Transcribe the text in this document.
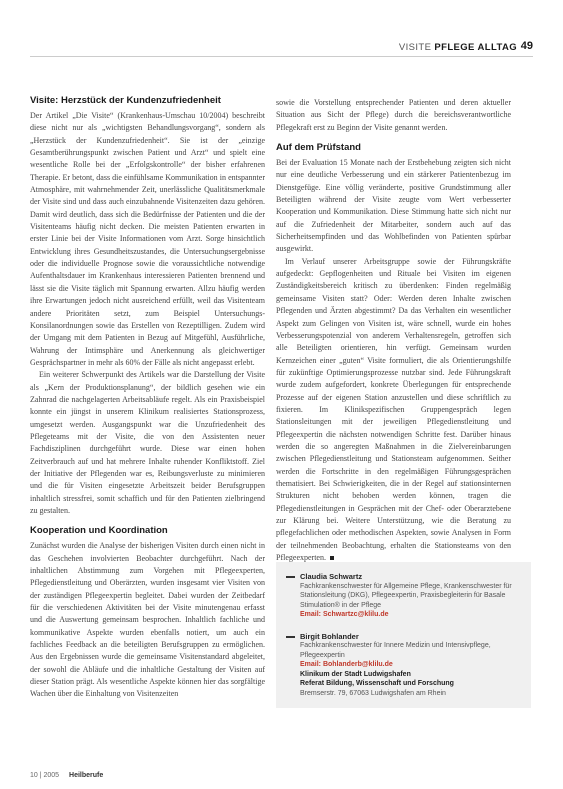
VISITE PFLEGE ALLTAG 49
Visite: Herzstück der Kundenzufriedenheit

Der Artikel „Die Visite“ (Krankenhaus-Umschau 10/2004) beschreibt diese nicht nur als „wichtigsten Behandlungsvorgang“, sondern als „Herzstück der Kundenzufriedenheit“. Sie ist der „einzige Gesamtberührungspunkt zwischen Patient und Arzt“ und spielt eine wesentliche Rolle bei der „Erfolgskontrolle“ der bisher erfahrenen Therapie. Er betont, dass die einfühlsame Kommunikation in entspannter Atmosphäre, mit wahrnehmender Zeit, unerlässliche Qualitätsmerkmale der Visite sind und dass auch einzubahnende Visitenzeiten dazu gehören. Damit wird deutlich, dass sich die Bedürfnisse der Patienten und die der Visitenteams häufig nicht decken. Die meisten Patienten erwarten in erster Linie bei der Visite Informationen vom Arzt. Sorge hinsichtlich Entwicklung ihres Gesundheitszustandes, die Untersuchungsergebnisse oder die individuelle Prognose sowie die voraussichtliche notwendige Aufenthaltsdauer im Krankenhaus interessieren Patienten brennend und lässt sie die Visite täglich mit Spannung erwarten. Allzu häufig werden ihre Erwartungen jedoch nicht ausreichend erfüllt, weil das Visitenteam andere Prioritäten setzt, zum Beispiel Untersuchungs- Konsilanordnungen sowie das Erstellen von Rezeptilligen. Zudem wird der Umgang mit dem Patienten in Bezug auf Mitgefühl, Ausführliche, Wahrung der Intimsphäre und Anerkennung als gleichwertiger Gesprächspartner in mehr als 60% der Fälle als nicht angepasst erlebt.

Ein weiterer Schwerpunkt des Artikels war die Darstellung der Visite als „Kern der Produktionsplanung“, der bildlich gesehen wie ein Zahnrad die nachgelagerten Arbeitsabläufe regelt. Als ein Praxisbeispiel konnte ein jüngst in unserem Klinikum realisiertes Stationsprozess, umgesetzt werden. Ausgangspunkt war die Unzufriedenheit des Pflegeteams mit der Visite, die von den Assistenten neuer Fachdisziplinen durchgeführt wurde. Diese war einen hohen Zeitverbrauch auf und hat mehrere Inhalte ruhender Konfliktstoff. Ziel der Initiative der Pflegenden war es, Reibungsverluste zu minimieren und die für Visiten eingesetzte Arbeitszeit beider Berufsgruppen inhaltlich stressfrei, somit schaffich und für den Patienten zielbringend zu gestalten.

Kooperation und Koordination

Zunächst wurden die Analyse der bisherigen Visiten durch einen nicht in das Geschehen involvierten Beobachter durchgeführt. Nach der inhaltlichen Abstimmung zum Vorgehen mit Pflegeexperten, Pflegedienstleitung und Oberärzten, wurden insgesamt vier Visiten von der zuständigen Pflegeexpertin begleitet. Dabei wurden der Zeitbedarf für die verschiedenen Aktivitäten bei der Visite minutengenau erfasst und die Auswertung gemeinsam besprochen. Inhaltlich fachliche und kommunikative Aspekte wurden ebenfalls notiert, um auch ein fachliches Feedback an die beteiligten Berufsgruppen zu ermöglichen. Aus den Ergebnissen wurde die gemeinsame Visitenstandard abgeleitet, der sowohl die Abläufe und die inhaltliche Gestaltung der Visiten auf dieser Station prägt. Als wesentliche Aspekte können hier das sorgfältige Wachen über die Einhaltung von Visitenzeiten

sowie die Vorstellung entsprechender Patienten und deren aktueller Situation aus Sicht der Pflege) durch die bereichsverantwortliche Pflegekraft erst zu Beginn der Visite genannt werden.

Auf dem Prüfstand

Bei der Evaluation 15 Monate nach der Erstbehebung zeigten sich nicht nur eine deutliche Verbesserung und ein stärkerer Patientenbezug im Dienstgefüge. Eine völlig veränderte, positive Grundstimmung aller Beteiligten während der Visite zeugte vom Wert verbesserter Kooperation und Kommunikation. Diese Stimmung hatte sich nicht nur auf die Zufriedenheit der Mitarbeiter, sondern auch auf das Sicherheitsempfinden und das Wohlbefinden von Patienten spürbar ausgewirkt.

Im Verlauf unserer Arbeitsgruppe sowie der Führungskräfte aufgedeckt: Gepflogenheiten und Rituale bei Visiten im eigenen Zuständigkeitsbereich kritisch zu überdenken: Finden regelmäßig gemeinsame Visiten statt? Oder: Werden deren Inhalte zwischen Pflegenden und Ärzten abgestimmt? Da das Verhalten ein wesentlicher Aspekt zum Gelingen von Visiten ist, wäre schnell, wurde ein hohes Verbesserungspotenzial von anderem Verhaltensregeln, getroffen sich alle Beteiligten orientieren, hin verfügt. Gemeinsam wurden Kernzeichen einer „guten“ Visite formuliert, die als Orientierungshilfe für zukünftige Optimierungsprozesse nutzbar sind. Jede Führungskraft wurde zudem aufgefordert, konkrete Überlegungen für entsprechende Prozesse auf der eigenen Station anzustellen und diese schriftlich zu fixieren. Im Klinikspezifischen Gruppengespräch legen Stationsleitungen mit der jeweiligen Pflegedienstleitung und Pflegeexpertin die nächsten notwendigen Schritte fest. Darüber hinaus werden die so angeregten Maßnahmen in die Zielvereinbarungen zwischen Pflegedienstleitung und Stationsteam aufgenommen. Seither werden die Fortschritte in den regelmäßigen Führungsgesprächen thematisiert. Bei Schwierigkeiten, die in der Regel auf stationsinternen Strukturen nicht behoben werden können, tragen die Pflegedienstleitungen in Gesprächen mit der Chef- oder Oberarztebene zur Klärung bei. Weitere Unterstützung, wie die Beratung zu pflegefachlichen oder methodischen Aspekten, sowie Analysen in Form der teilnehmenden Beobachtung, erhalten die Stationsteams von den Pflegeexperten.

Claudia Schwartz
Fachkrankenschwester für Allgemeine Pflege, Krankenschwester für Stationsleitung (DKG), Pflegeexpertin, Praxisbegleiterin für Basale Stimulation® in der Pflege
Email: Schwartzc@klilu.de
Birgit Bohlander
Fachkrankenschwester für Innere Medizin und Intensivpflege, Pflegeexpertin
Email: Bohlanderb@klilu.de
Klinikum der Stadt Ludwigshafen
Referat Bildung, Wissenschaft und Forschung
Bremserstr. 79, 67063 Ludwigshafen am Rhein
10 | 2005 Heilberufe
